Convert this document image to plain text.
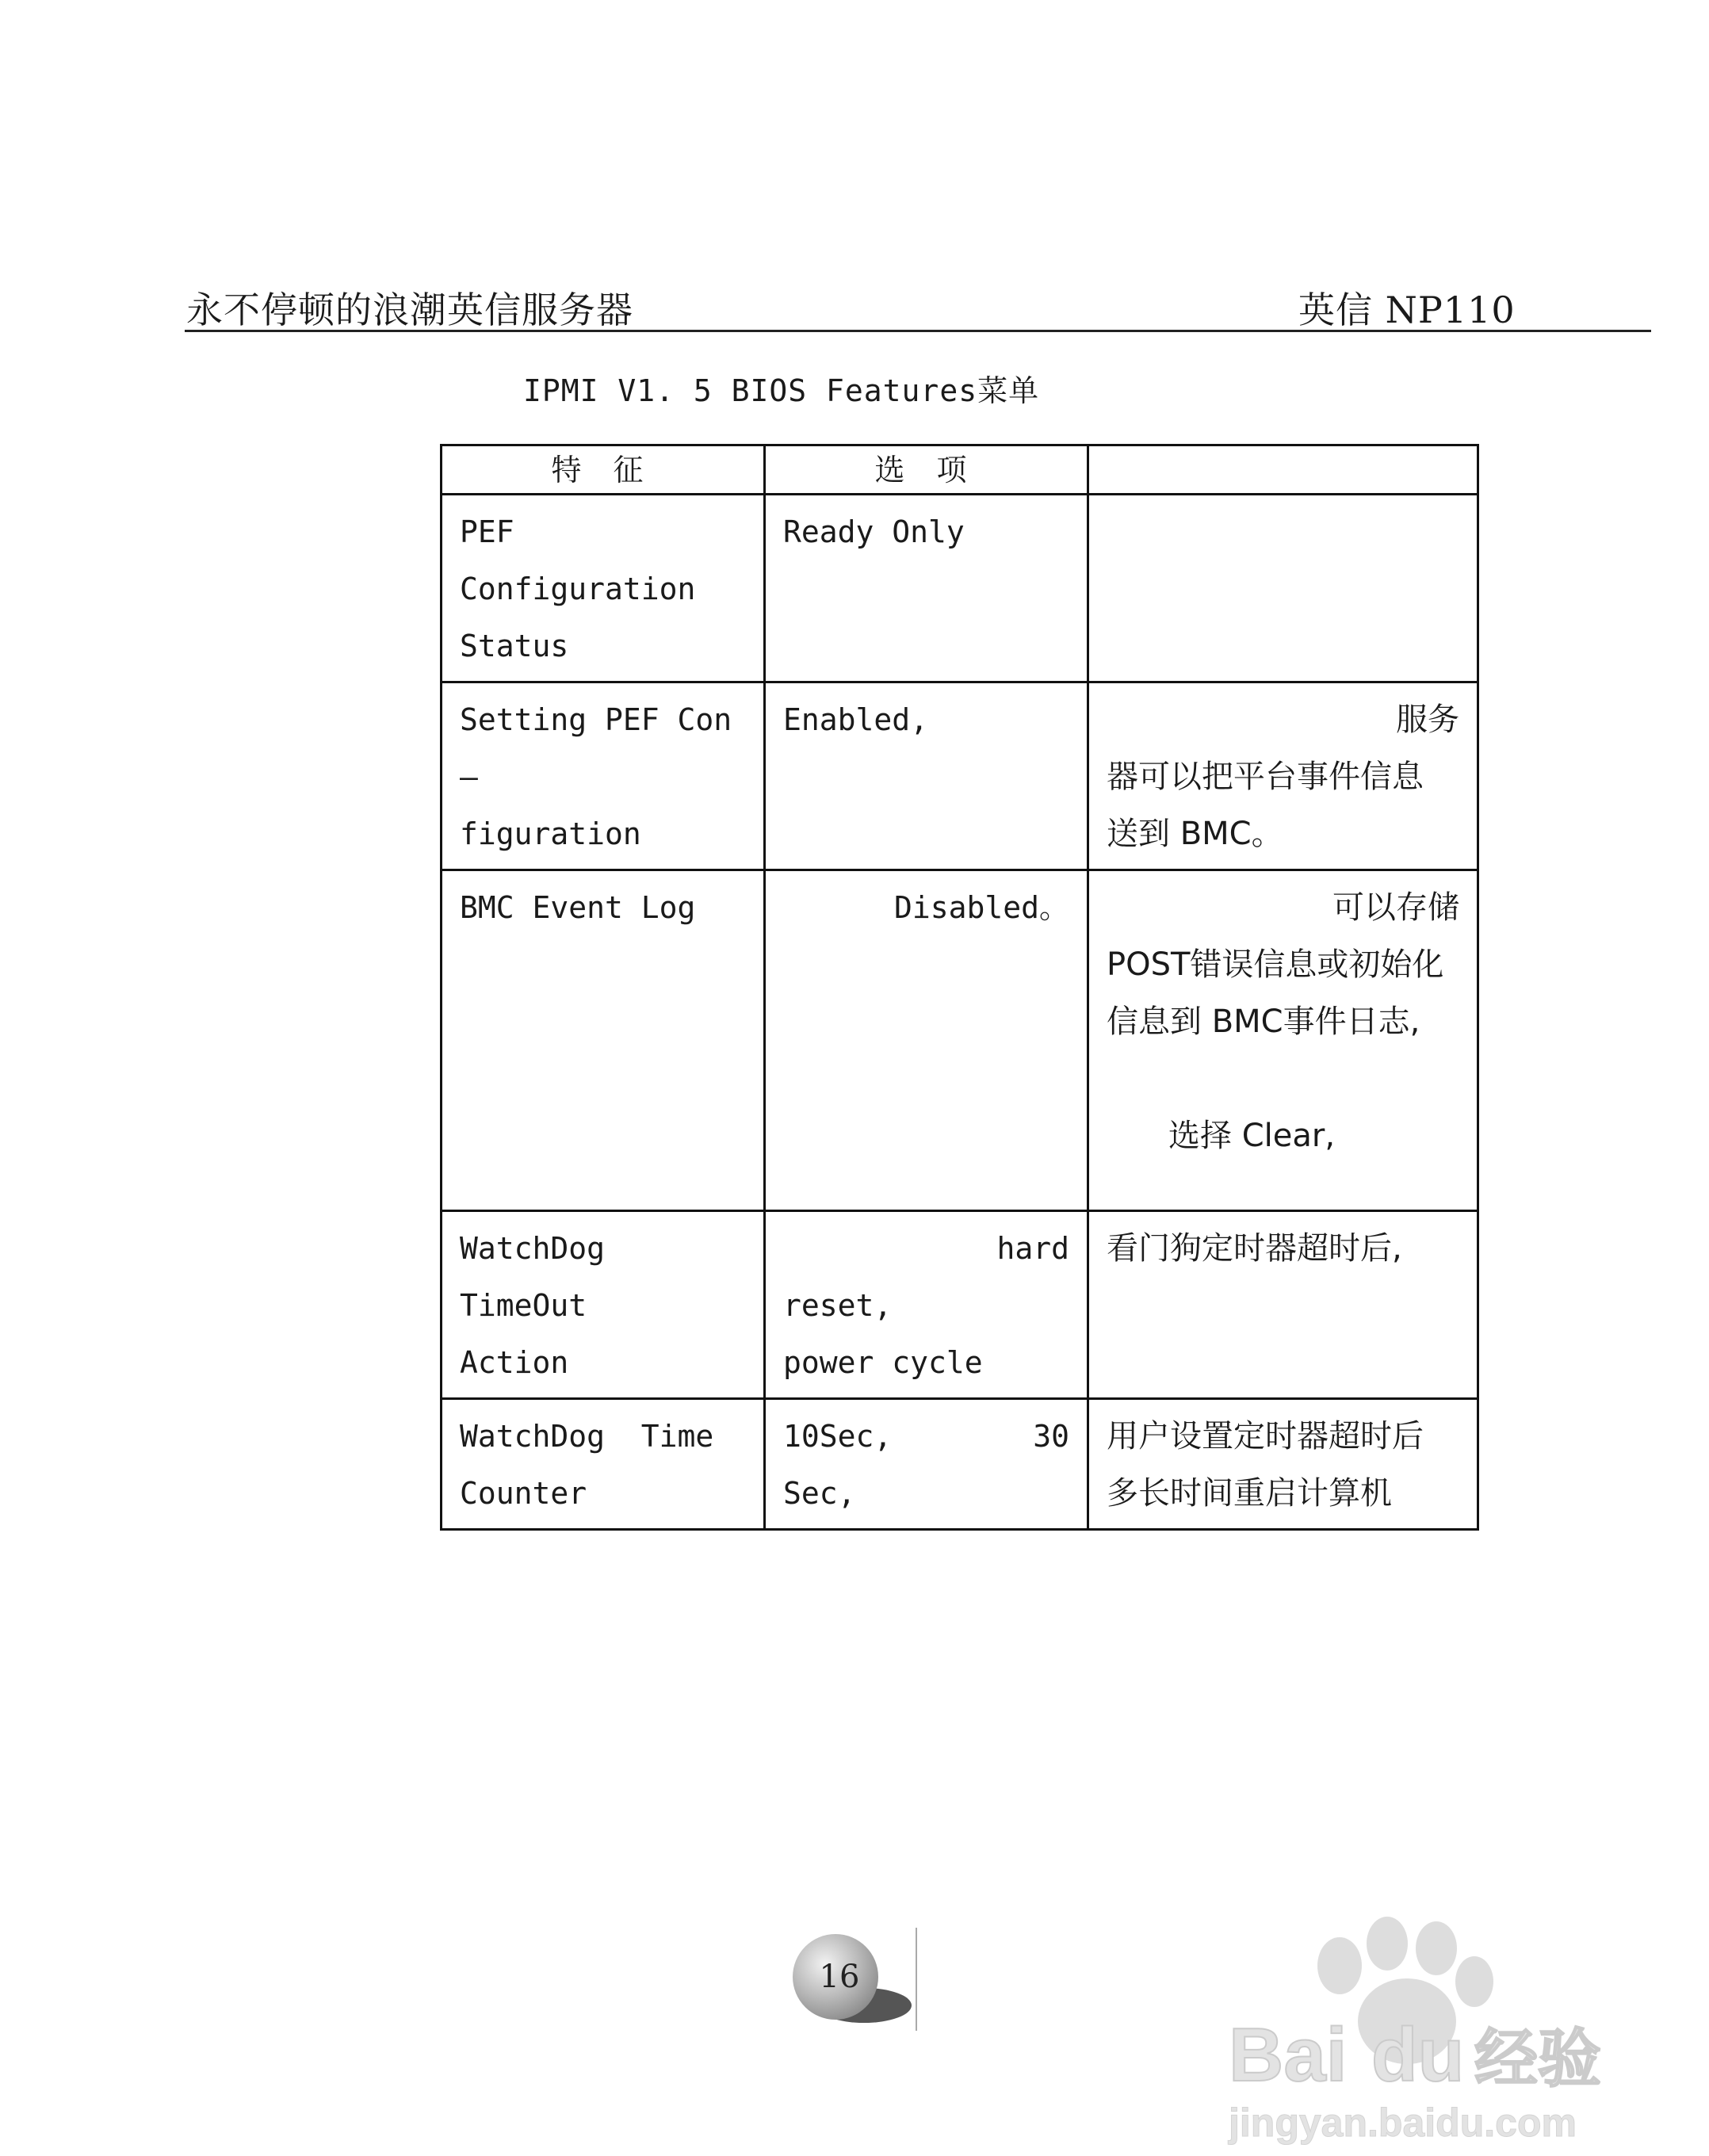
永不停顿的浪潮英信服务器	英信 NP110
IPMI V1. 5 BIOS Features菜单
特 征	选 项	

PEF Configuration
Status	Ready Only	

Setting PEF Con—
figuration	Enabled,	服务
器可以把平台事件信息
送到 BMC。

BMC Event Log	Disabled。	可以存储
POST错误信息或初始化
信息到 BMC事件日志,
选择 Clear,

WatchDog TimeOut
Action	hard
reset,
power cycle	看门狗定时器超时后,

WatchDog  Time
Counter	10Sec, 30
Sec,	用户设置定时器超时后
多长时间重启计算机
16
Bai du 经验
jingyan.baidu.com
